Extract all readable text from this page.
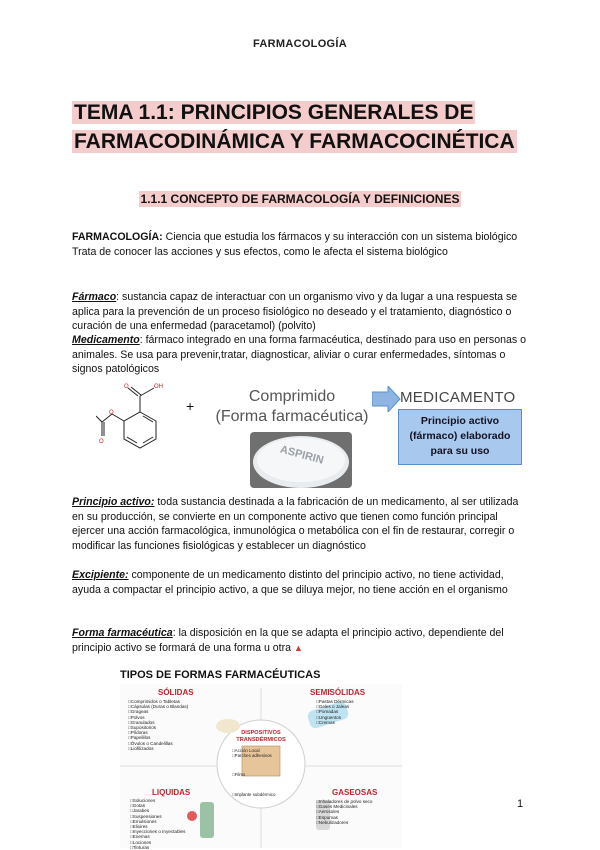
FARMACOLOGÍA
TEMA 1.1: PRINCIPIOS GENERALES DE
FARMACODINÁMICA Y FARMACOCINÉTICA
1.1.1 CONCEPTO DE FARMACOLOGÍA Y DEFINICIONES
FARMACOLOGÍA: Ciencia que estudia los fármacos y su interacción con un sistema biológico
Trata de conocer las acciones y sus efectos, como le afecta el sistema biológico
Fármaco: sustancia capaz de interactuar con un organismo vivo y da lugar a una respuesta se aplica para la prevención de un proceso fisiológico no deseado y el tratamiento, diagnóstico o curación de una enfermedad (paracetamol) (polvito)
Medicamento: fármaco integrado en una forma farmacéutica, destinado para uso en personas o animales. Se usa para prevenir,tratar, diagnosticar, aliviar o curar enfermedades, síntomas o signos patológicos
OH
O
O
O
+
Comprimido
(Forma farmacéutica)
ASPIRIN
MEDICAMENTO
Principio activo
(fármaco) elaborado
para su uso
Principio activo: toda sustancia destinada a la fabricación de un medicamento, al ser utilizada en su producción, se convierte en un componente activo que tienen como función principal ejercer una acción farmacológica, inmunológica o metabólica con el fin de restaurar, corregir o modificar las funciones fisiológicas y establecer un diagnóstico
Excipiente: componente de un medicamento distinto del principio activo, no tiene actividad, ayuda a compactar el principio activo, a que se diluya mejor, no tiene acción en el organismo
Forma farmacéutica: la disposición en la que se adapta el principio activo, dependiente del principio activo se formará de una forma u otra ▲
TIPOS DE FORMAS FARMACÉUTICAS
SÓLIDAS
□ Comprimidos o Tabletas
□ Cápsulas (Duras o Blandas)
□ Grageas
□ Polvos
□ Granulados
□ Supositorios
□ Píldoras
□ Papelillos
□ Óvulos o Candelillas
□ Liofilizados
SEMISÓLIDAS
□ Pastas Dérmicas
□ Geles o Jaleas
□ Pomadas
□ Ungüentos
□ Cremas
DISPOSITIVOS
TRANSDÉRMICOS
□ Acción Local
□ Parches adhesivos
□ Films
□ Implante subdérmico
LIQUIDAS
□ Soluciones
□ Gotas
□ Jarabes
□ Suspensiones
□ Emulsiones
□ Elixires
□ Inyecciones o Inyectables
□ Enemas
□ Lociones
□ Tinturas
GASEOSAS
□ Inhaladores de polvo seco
□ Gases Medicinales
□ Aerosoles
□ Espumas
□ Nebulizadores
1
